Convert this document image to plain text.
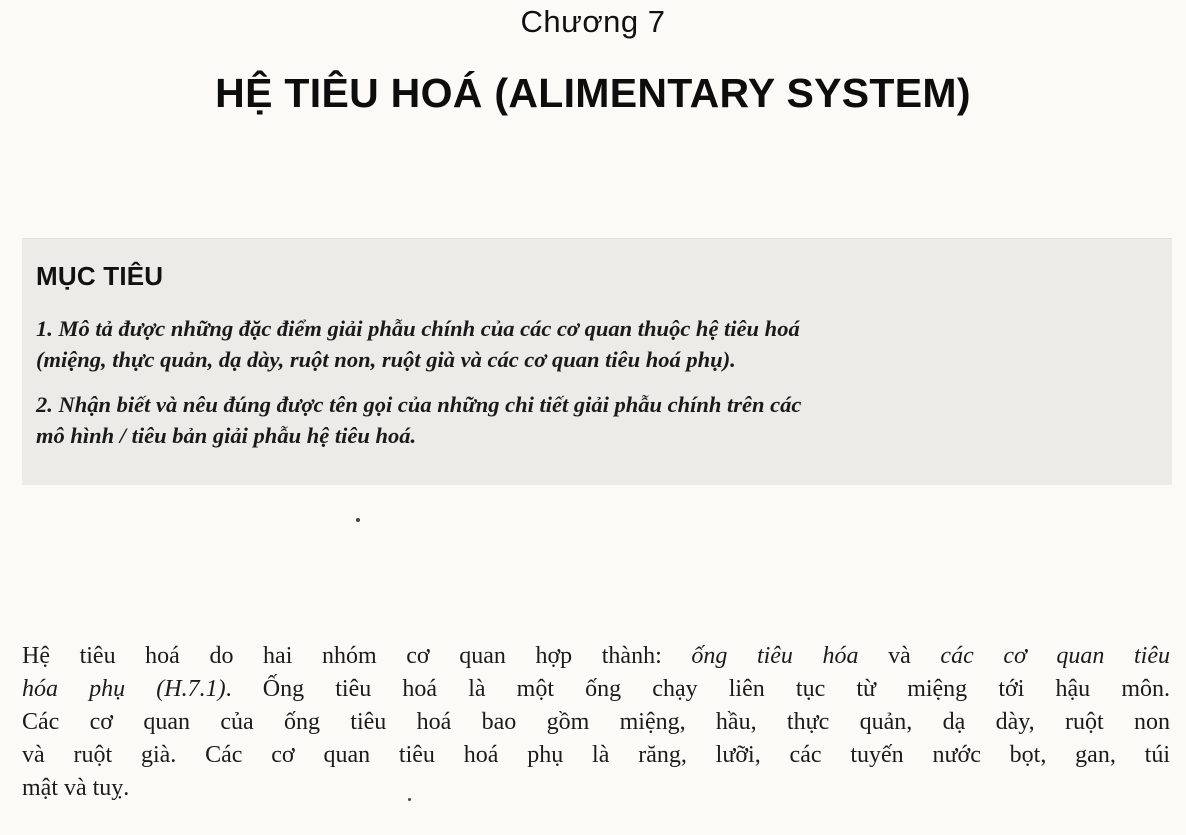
Chương 7
HỆ TIÊU HOÁ (ALIMENTARY SYSTEM)
MỤC TIÊU
1. Mô tả được những đặc điểm giải phẫu chính của các cơ quan thuộc hệ tiêu hoá
(miệng, thực quản, dạ dày, ruột non, ruột già và các cơ quan tiêu hoá phụ).
2. Nhận biết và nêu đúng được tên gọi của những chi tiết giải phẫu chính trên các
mô hình / tiêu bản giải phẫu hệ tiêu hoá.
Hệ tiêu hoá do hai nhóm cơ quan hợp thành: ống tiêu hóa và các cơ quan tiêu
hóa phụ (H.7.1). Ống tiêu hoá là một ống chạy liên tục từ miệng tới hậu môn.
Các cơ quan của ống tiêu hoá bao gồm miệng, hầu, thực quản, dạ dày, ruột non
và ruột già. Các cơ quan tiêu hoá phụ là răng, lưỡi, các tuyến nước bọt, gan, túi
mật và tuỵ.
